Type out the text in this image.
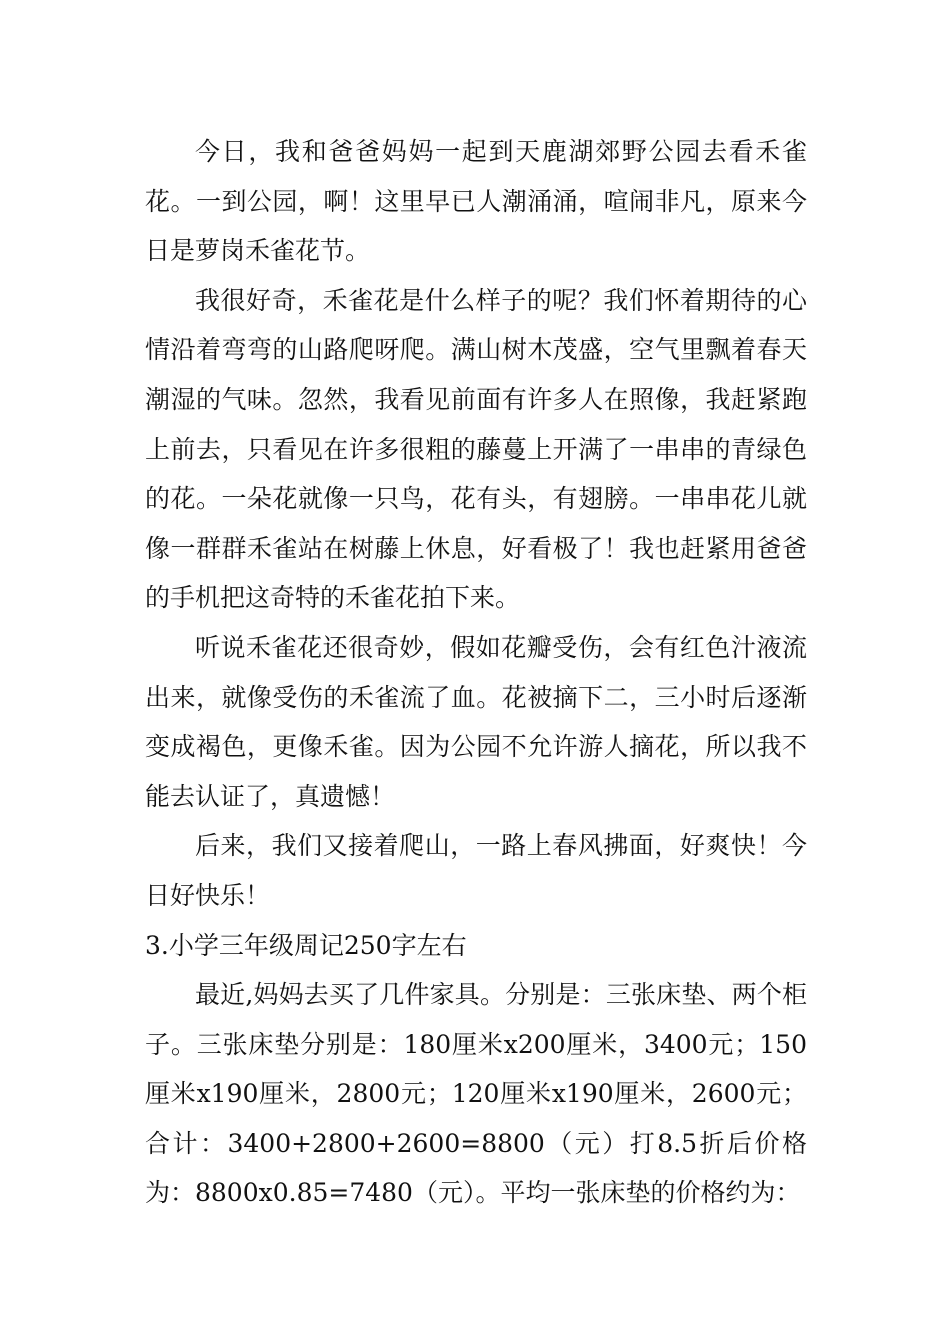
今日，我和爸爸妈妈一起到天鹿湖郊野公园去看禾雀花。一到公园，啊！这里早已人潮涌涌，喧闹非凡，原来今日是萝岗禾雀花节。

我很好奇，禾雀花是什么样子的呢？我们怀着期待的心情沿着弯弯的山路爬呀爬。满山树木茂盛，空气里飘着春天潮湿的气味。忽然，我看见前面有许多人在照像，我赶紧跑上前去，只看见在许多很粗的藤蔓上开满了一串串的青绿色的花。一朵花就像一只鸟，花有头，有翅膀。一串串花儿就像一群群禾雀站在树藤上休息，好看极了！我也赶紧用爸爸的手机把这奇特的禾雀花拍下来。

听说禾雀花还很奇妙，假如花瓣受伤，会有红色汁液流出来，就像受伤的禾雀流了血。花被摘下二，三小时后逐渐变成褐色，更像禾雀。因为公园不允许游人摘花，所以我不能去认证了，真遗憾！

后来，我们又接着爬山，一路上春风拂面，好爽快！今日好快乐！

3.小学三年级周记250字左右

最近,妈妈去买了几件家具。分别是：三张床垫、两个柜子。三张床垫分别是：180厘米x200厘米，3400元；150厘米x190厘米，2800元；120厘米x190厘米，2600元；合计：3400+2800+2600=8800（元）打8.5折后价格为：8800x0.85=7480（元）。平均一张床垫的价格约为：
